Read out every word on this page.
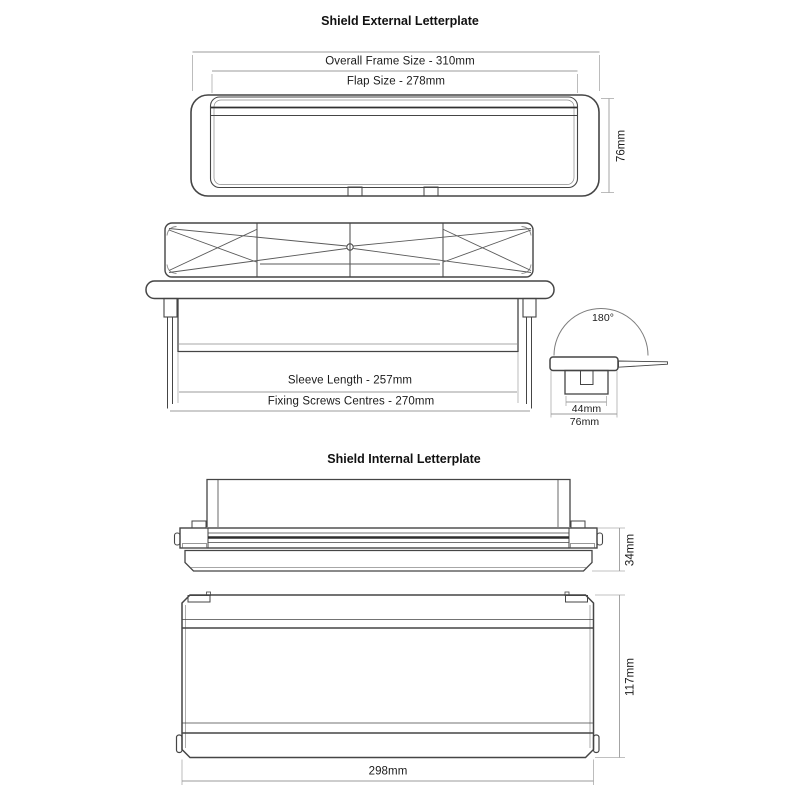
Shield External Letterplate
Overall Frame Size - 310mm
Flap Size - 278mm
76mm
Sleeve Length - 257mm
Fixing Screws Centres - 270mm
180°
44mm
76mm
Shield Internal Letterplate
34mm
117mm
298mm
